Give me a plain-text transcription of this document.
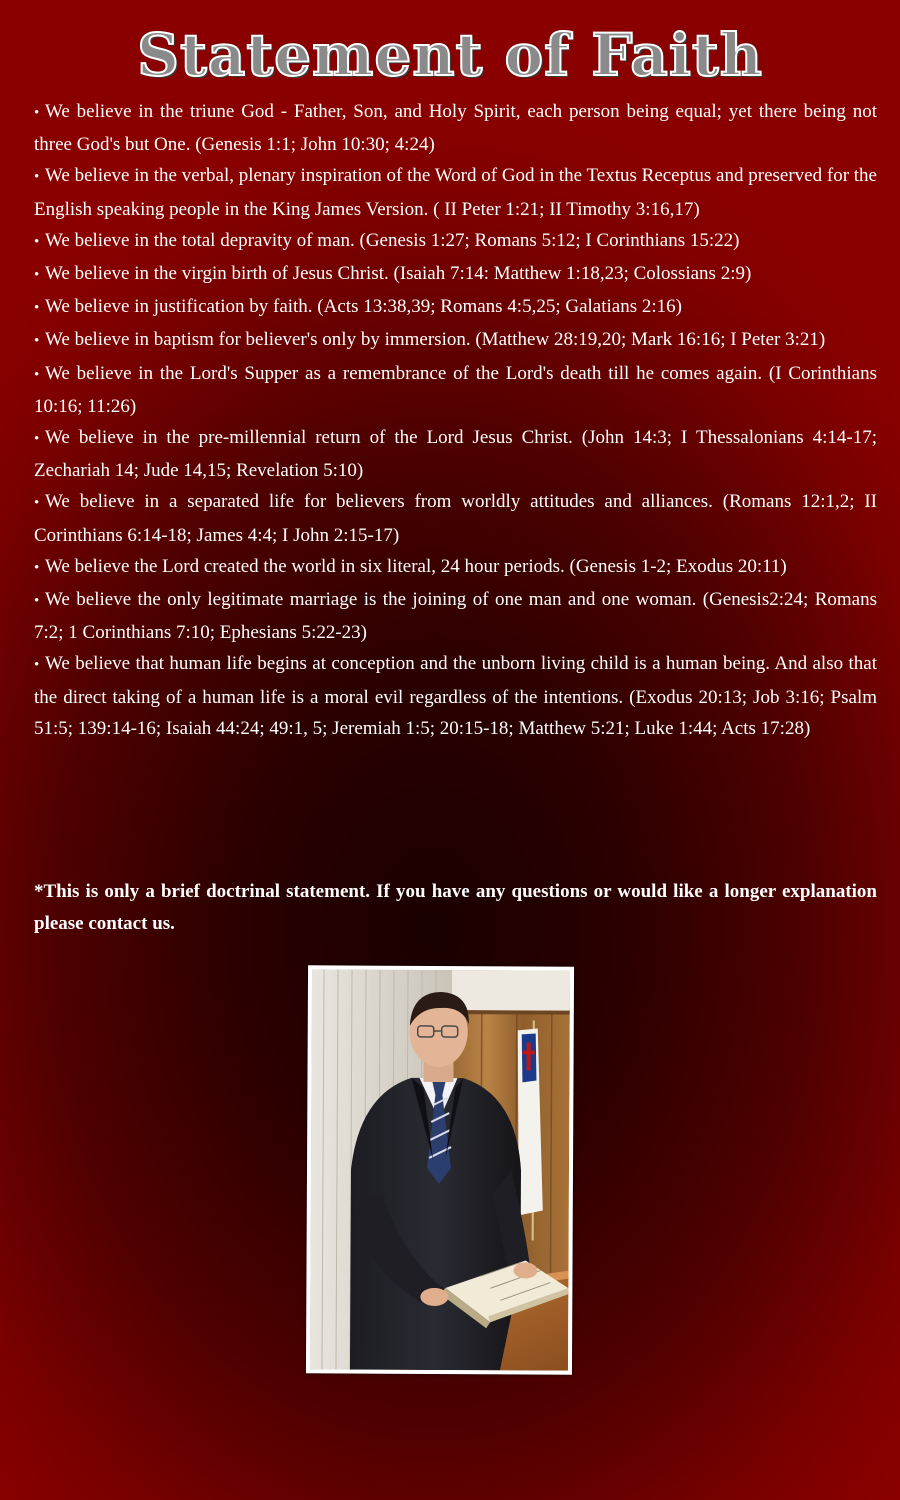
Statement of Faith
• We believe in the triune God - Father, Son, and Holy Spirit, each person being equal; yet there being not three God's but One. (Genesis 1:1; John 10:30; 4:24)
• We believe in the verbal, plenary inspiration of the Word of God in the Textus Receptus and preserved for the English speaking people in the King James Version. ( II Peter 1:21; II Timothy 3:16,17)
• We believe in the total depravity of man. (Genesis 1:27; Romans 5:12; I Corinthians 15:22)
• We believe in the virgin birth of Jesus Christ. (Isaiah 7:14: Matthew 1:18,23; Colossians 2:9)
• We believe in justification by faith. (Acts 13:38,39; Romans 4:5,25; Galatians 2:16)
• We believe in baptism for believer's only by immersion. (Matthew 28:19,20; Mark 16:16; I Peter 3:21)
• We believe in the Lord's Supper as a remembrance of the Lord's death till he comes again. (I Corinthians 10:16; 11:26)
• We believe in the pre-millennial return of the Lord Jesus Christ. (John 14:3; I Thessalonians 4:14-17; Zechariah 14; Jude 14,15; Revelation 5:10)
• We believe in a separated life for believers from worldly attitudes and alliances. (Romans 12:1,2; II Corinthians 6:14-18; James 4:4; I John 2:15-17)
• We believe the Lord created the world in six literal, 24 hour periods. (Genesis 1-2; Exodus 20:11)
• We believe the only legitimate marriage is the joining of one man and one woman. (Genesis2:24; Romans 7:2; 1 Corinthians 7:10; Ephesians 5:22-23)
• We believe that human life begins at conception and the unborn living child is a human being. And also that the direct taking of a human life is a moral evil regardless of the intentions. (Exodus 20:13; Job 3:16; Psalm 51:5; 139:14-16; Isaiah 44:24; 49:1, 5; Jeremiah 1:5; 20:15-18; Matthew 5:21; Luke 1:44; Acts 17:28)

*This is only a brief doctrinal statement. If you have any questions or would like a longer explanation please contact us.
